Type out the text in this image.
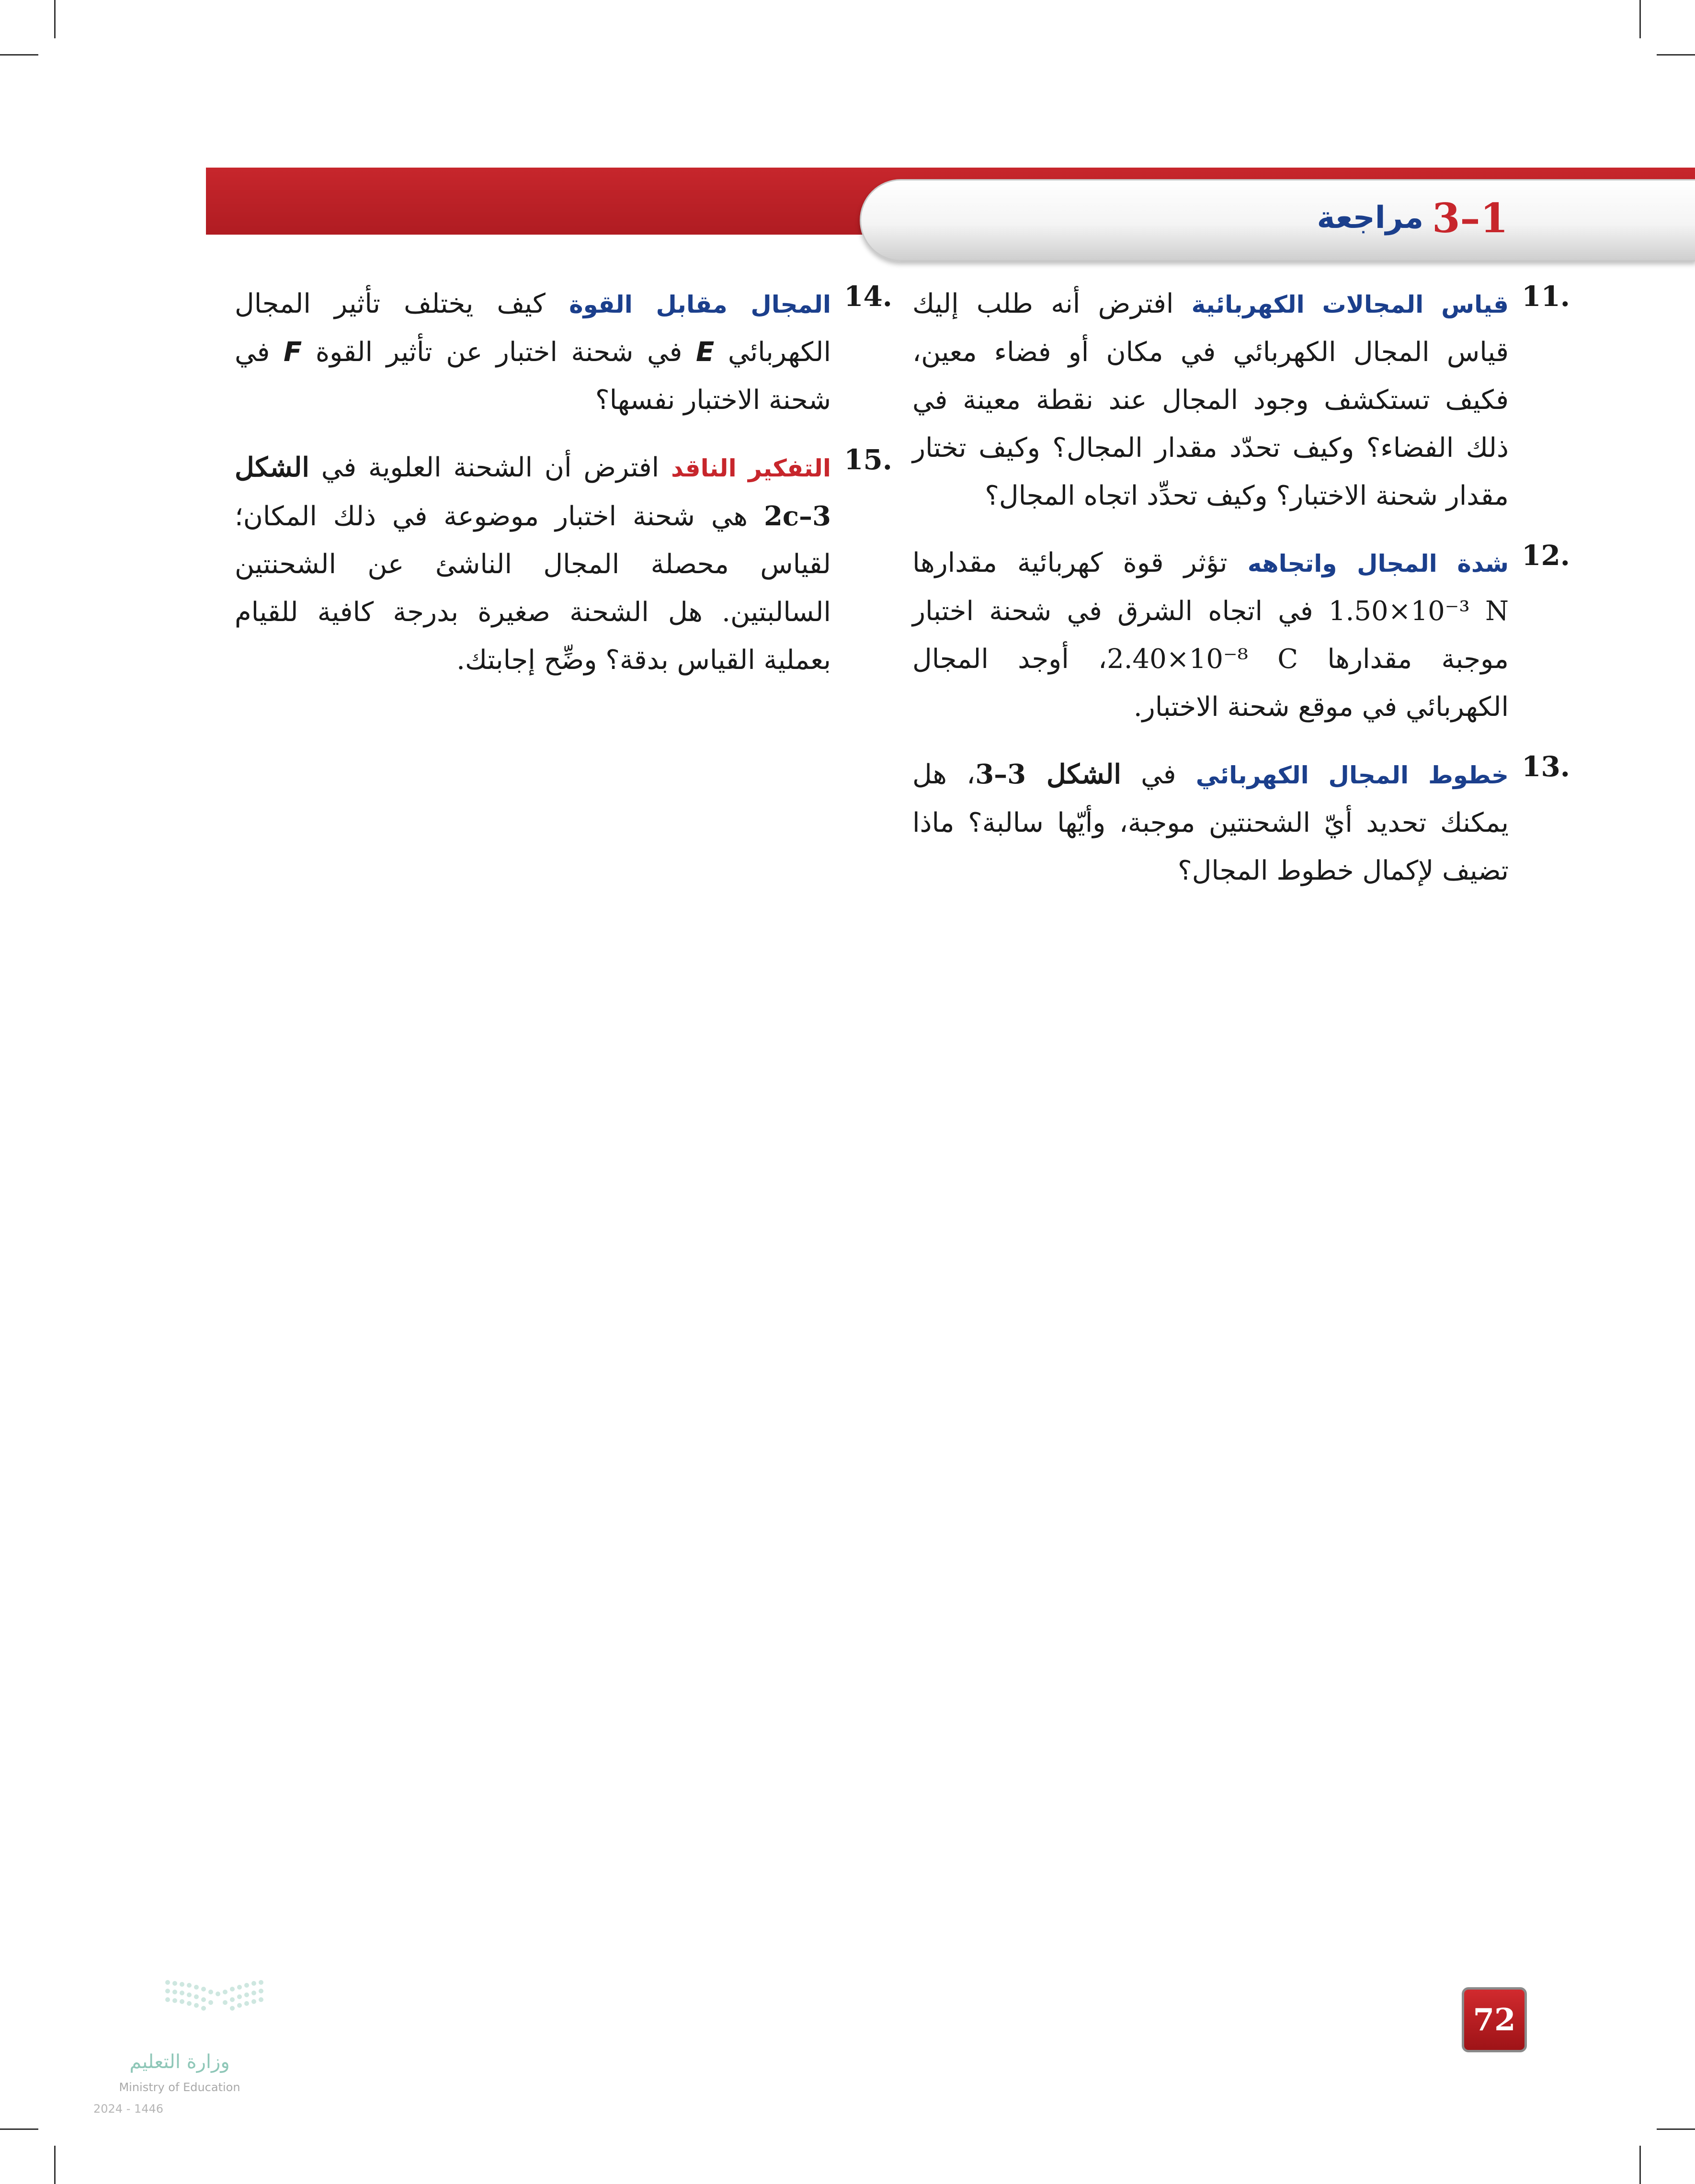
3–1
مراجعة
11.
قياس المجالات الكهربائية افترض أنه طلب إليك قياس المجال الكهربائي في مكان أو فضاء معين، فكيف تستكشف وجود المجال عند نقطة معينة في ذلك الفضاء؟ وكيف تحدّد مقدار المجال؟ وكيف تختار مقدار شحنة الاختبار؟ وكيف تحدِّد اتجاه المجال؟
12.
شدة المجال واتجاهه تؤثر قوة كهربائية مقدارها 1.50×10⁻³ N في اتجاه الشرق في شحنة اختبار موجبة مقدارها 2.40×10⁻⁸ C، أوجد المجال الكهربائي في موقع شحنة الاختبار.
13.
خطوط المجال الكهربائي في الشكل 3–3، هل يمكنك تحديد أيّ الشحنتين موجبة، وأيّها سالبة؟ ماذا تضيف لإكمال خطوط المجال؟
14.
المجال مقابل القوة كيف يختلف تأثير المجال الكهربائي E في شحنة اختبار عن تأثير القوة F في شحنة الاختبار نفسها؟
15.
التفكير الناقد افترض أن الشحنة العلوية في الشكل 3–2c هي شحنة اختبار موضوعة في ذلك المكان؛ لقياس محصلة المجال الناشئ عن الشحنتين السالبتين. هل الشحنة صغيرة بدرجة كافية للقيام بعملية القياس بدقة؟ وضِّح إجابتك.
72
وزارة التعليم
Ministry of Education
2024 - 1446
